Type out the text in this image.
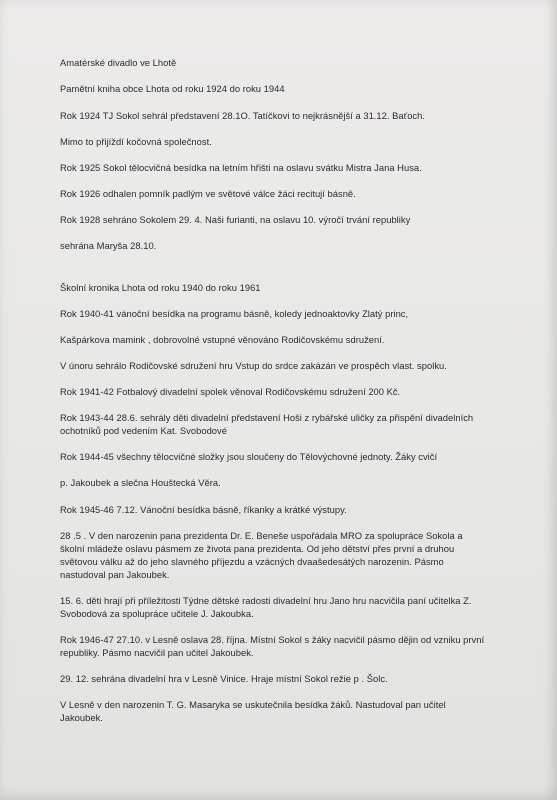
Amatérské divadlo ve Lhotě
Pamětní kniha obce Lhota od roku 1924 do roku 1944
Rok 1924 TJ Sokol sehrál představení 28.1O. Tatíčkovi to nejkrásnější a 31.12. Baťoch.
Mimo to přijíždí kočovná společnost.
Rok 1925 Sokol tělocvičná besídka na letním hřišti na oslavu svátku Mistra Jana Husa.
Rok 1926 odhalen pomník padlým ve světové válce žáci recitují básně.
Rok 1928 sehráno Sokolem 29. 4. Naši furianti, na oslavu 10. výročí trvání republiky
sehrána Maryša 28.10.
Školní kronika Lhota od roku 1940 do roku 1961
Rok 1940-41 vánoční besídka na programu básně, koledy jednoaktovky Zlatý princ,
Kašpárkova mamink , dobrovolné vstupné věnováno Rodičovskému sdružení.
V únoru sehrálo Rodičovské sdružení hru Vstup do srdce zakázán ve prospěch vlast. spolku.
Rok 1941-42 Fotbalový divadelní spolek věnoval Rodičovskému sdružení 200 Kč.
Rok 1943-44 28.6. sehrály děti divadelní představení Hoši z rybářské uličky za přispění divadelních
ochotníků pod vedením Kat. Svobodové
Rok 1944-45 všechny tělocvičné složky jsou sloučeny do Tělovýchovné jednoty. Žáky cvičí
p. Jakoubek a slečna Houštecká Věra.
Rok 1945-46 7.12. Vánoční besídka básně, říkanky a krátké výstupy.
28 .5 . V den narozenin pana prezidenta Dr. E. Beneše uspořádala MRO za spolupráce Sokola a
školní mládeže oslavu pásmem ze života pana prezidenta. Od jeho dětství přes první a druhou
světovou válku až do jeho slavného příjezdu a vzácných dvaašedesátých narozenin. Pásmo
nastudoval pan Jakoubek.
15. 6. děti hrají při příležitosti Týdne dětské radosti divadelní hru Jano hru nacvičila paní učitelka Z.
Svobodová za spolupráce učitele J. Jakoubka.
Rok 1946-47 27.10. v Lesně oslava 28. října. Místní Sokol s žáky nacvičil pásmo dějin od vzniku první
republiky. Pásmo nacvičil pan učitel Jakoubek.
29. 12. sehrána divadelní hra v Lesně Vinice. Hraje místní Sokol režie p . Šolc.
V Lesně v den narozenin T. G. Masaryka se uskutečnila besídka žáků. Nastudoval pan učitel
Jakoubek.
